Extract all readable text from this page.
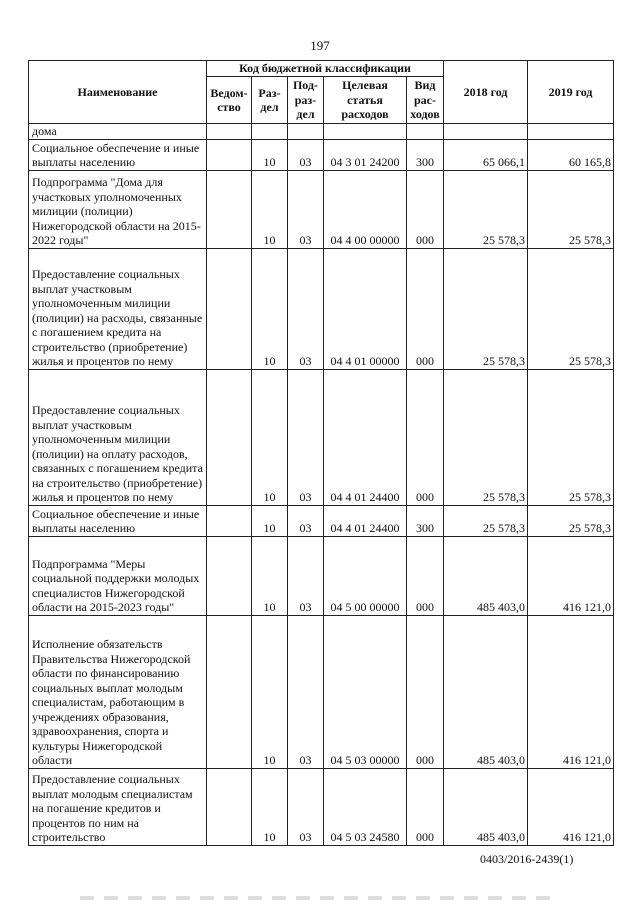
197
Наименование	Код бюджетной классификации					2018 год	2019 год
	Ведом-ство	Раз-дел	Под-раз-дел	Целевая статья расходов	Вид рас-ходов		
дома							
Социальное обеспечение и иные выплаты населению		10	03	04 3 01 24200	300	65 066,1	60 165,8
Подпрограмма "Дома для участковых уполномоченных милиции (полиции) Нижегородской области на 2015-2022 годы"		10	03	04 4 00 00000	000	25 578,3	25 578,3
Предоставление социальных выплат участковым уполномоченным милиции (полиции) на расходы, связанные с погашением кредита на строительство (приобретение) жилья и процентов по нему		10	03	04 4 01 00000	000	25 578,3	25 578,3
Предоставление социальных выплат участковым уполномоченным милиции (полиции) на оплату расходов, связанных с погашением кредита на строительство (приобретение) жилья и процентов по нему		10	03	04 4 01 24400	000	25 578,3	25 578,3
Социальное обеспечение и иные выплаты населению		10	03	04 4 01 24400	300	25 578,3	25 578,3
Подпрограмма "Меры социальной поддержки молодых специалистов Нижегородской области на 2015-2023 годы"		10	03	04 5 00 00000	000	485 403,0	416 121,0
Исполнение обязательств Правительства Нижегородской области по финансированию социальных выплат молодым специалистам, работающим в учреждениях образования, здравоохранения, спорта и культуры Нижегородской области		10	03	04 5 03 00000	000	485 403,0	416 121,0
Предоставление социальных выплат молодым специалистам на погашение кредитов и процентов по ним на строительство		10	03	04 5 03 24580	000	485 403,0	416 121,0
0403/2016-2439(1)
